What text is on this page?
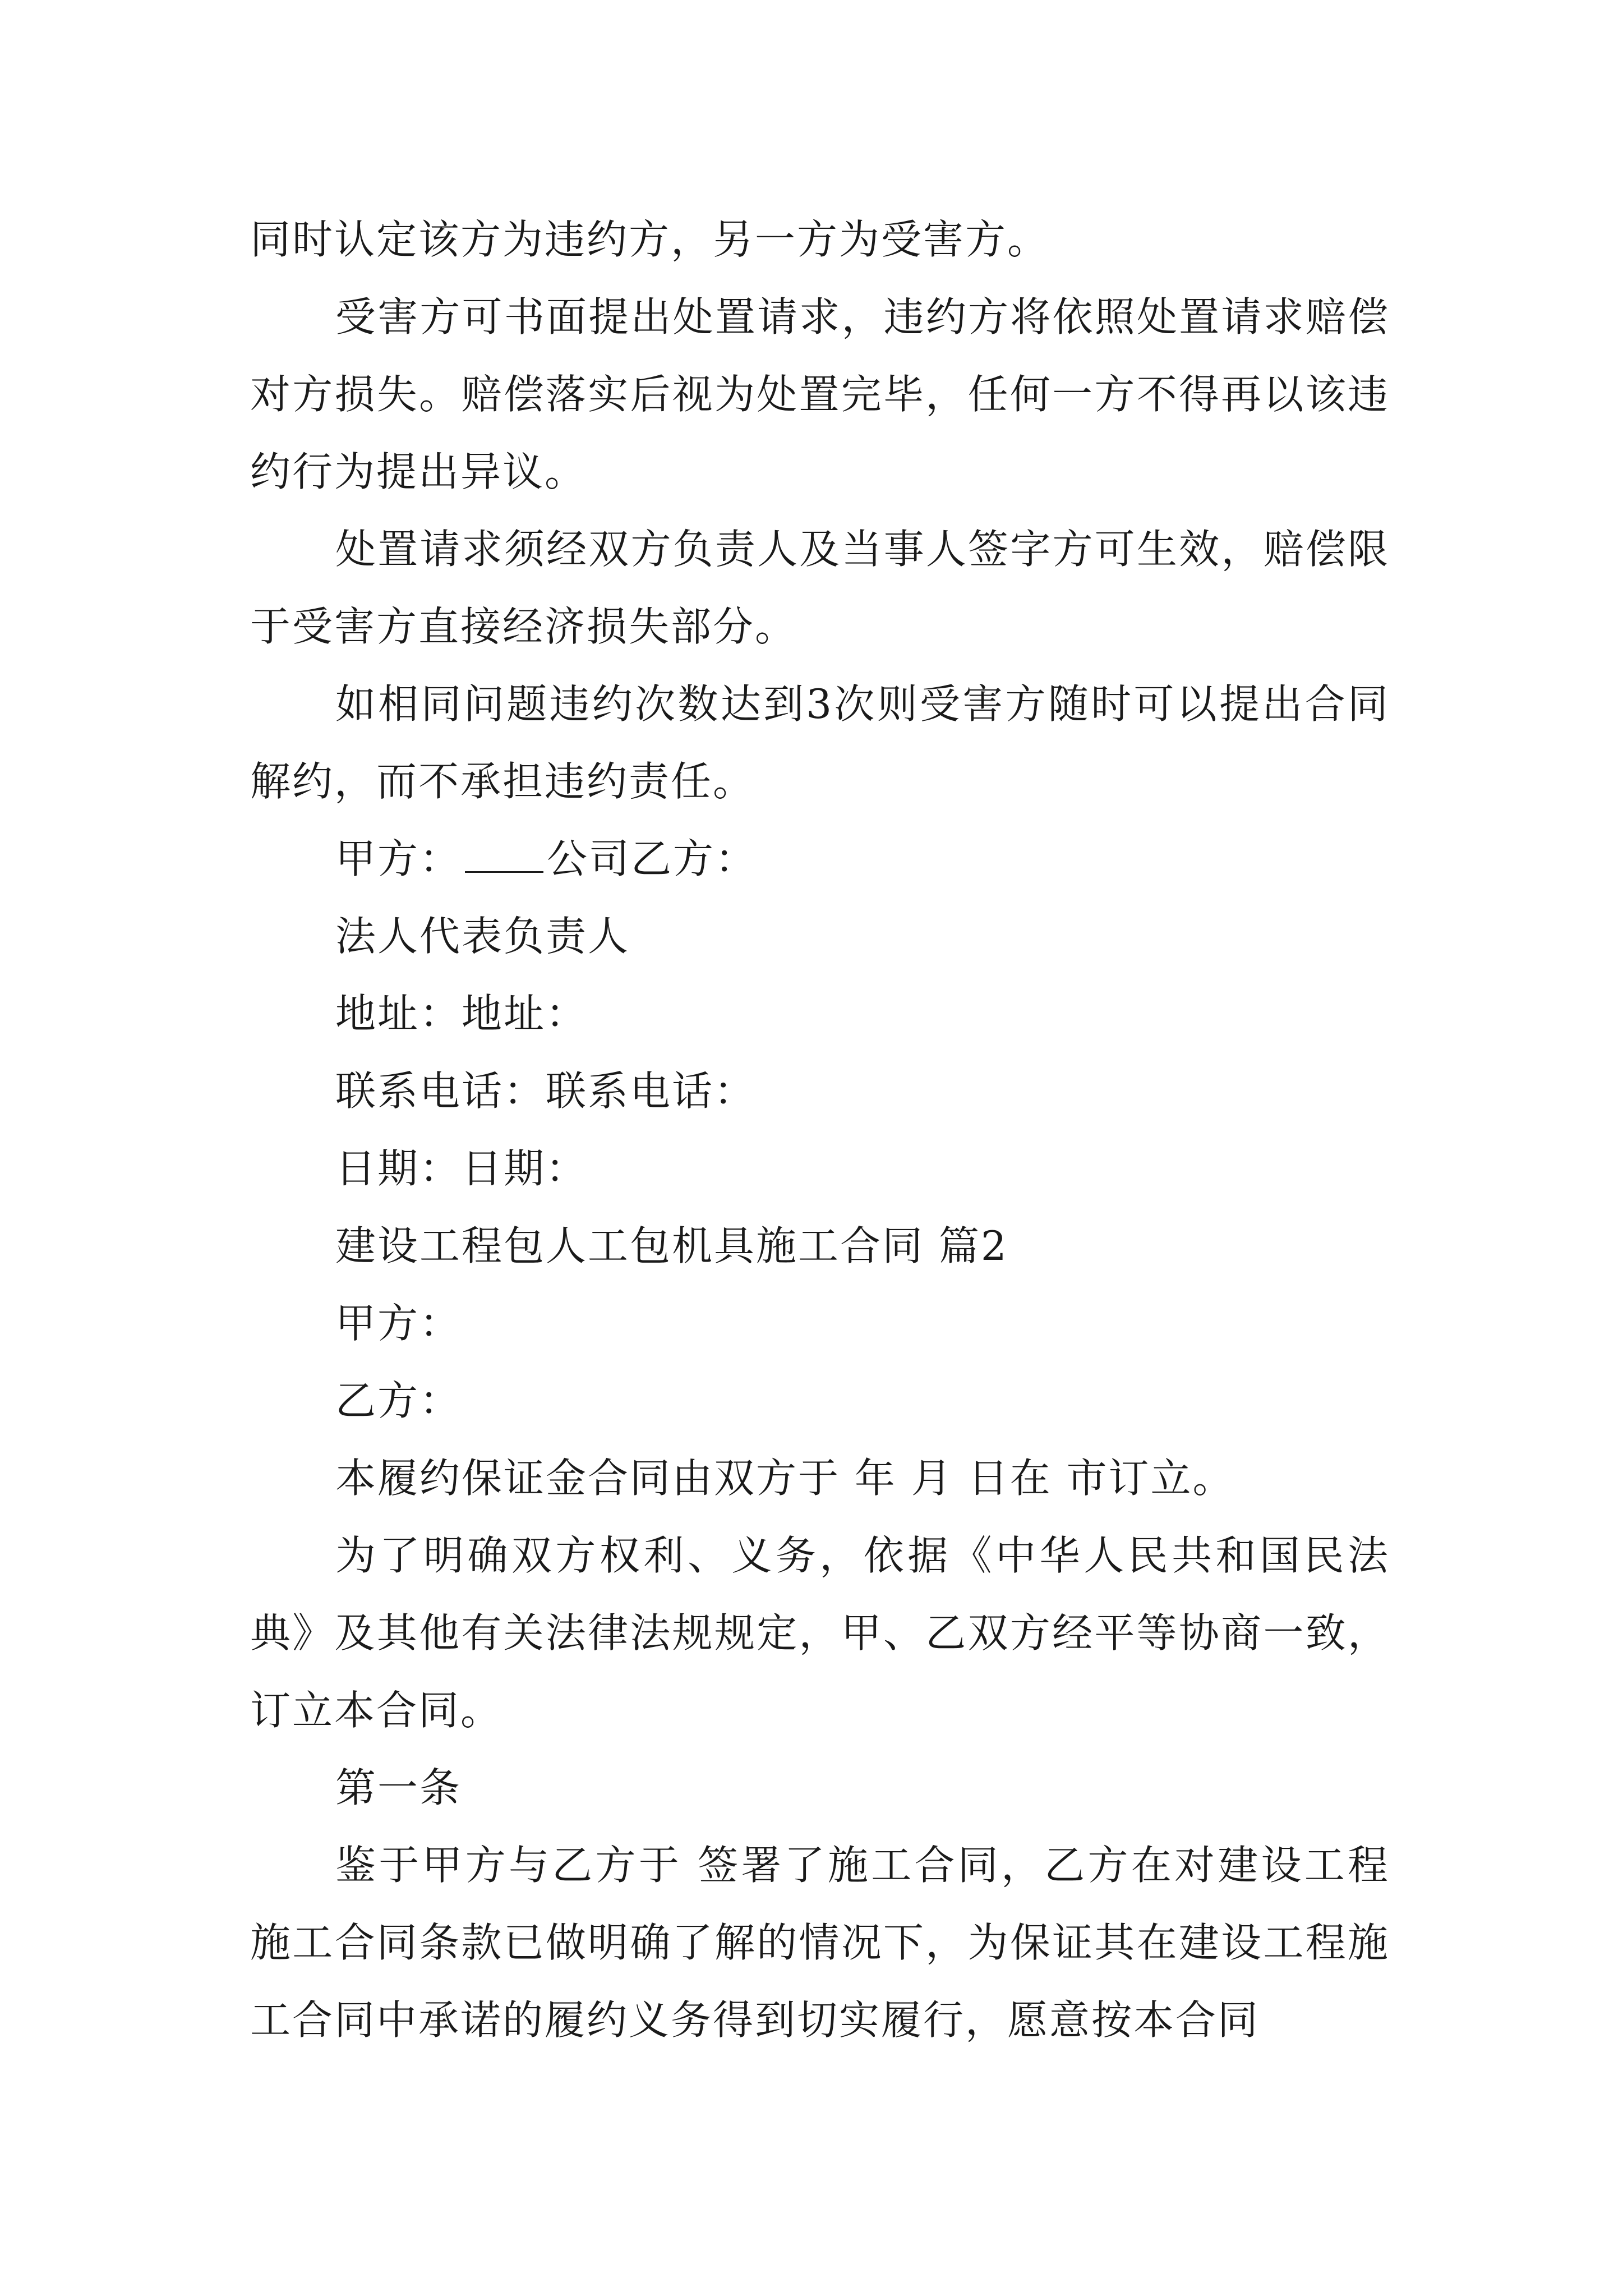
同时认定该方为违约方，另一方为受害方。

受害方可书面提出处置请求，违约方将依照处置请求赔偿对方损失。赔偿落实后视为处置完毕，任何一方不得再以该违约行为提出异议。

处置请求须经双方负责人及当事人签字方可生效，赔偿限于受害方直接经济损失部分。

如相同问题违约次数达到3次则受害方随时可以提出合同解约，而不承担违约责任。

甲方： 公司乙方：

法人代表负责人

地址：地址：

联系电话：联系电话：

日期：日期：

建设工程包人工包机具施工合同 篇2

甲方：

乙方：

本履约保证金合同由双方于 年 月 日在 市订立。

为了明确双方权利、义务，依据《中华人民共和国民法典》及其他有关法律法规规定，甲、乙双方经平等协商一致，订立本合同。

第一条

鉴于甲方与乙方于 签署了施工合同，乙方在对建设工程施工合同条款已做明确了解的情况下，为保证其在建设工程施工合同中承诺的履约义务得到切实履行，愿意按本合同
